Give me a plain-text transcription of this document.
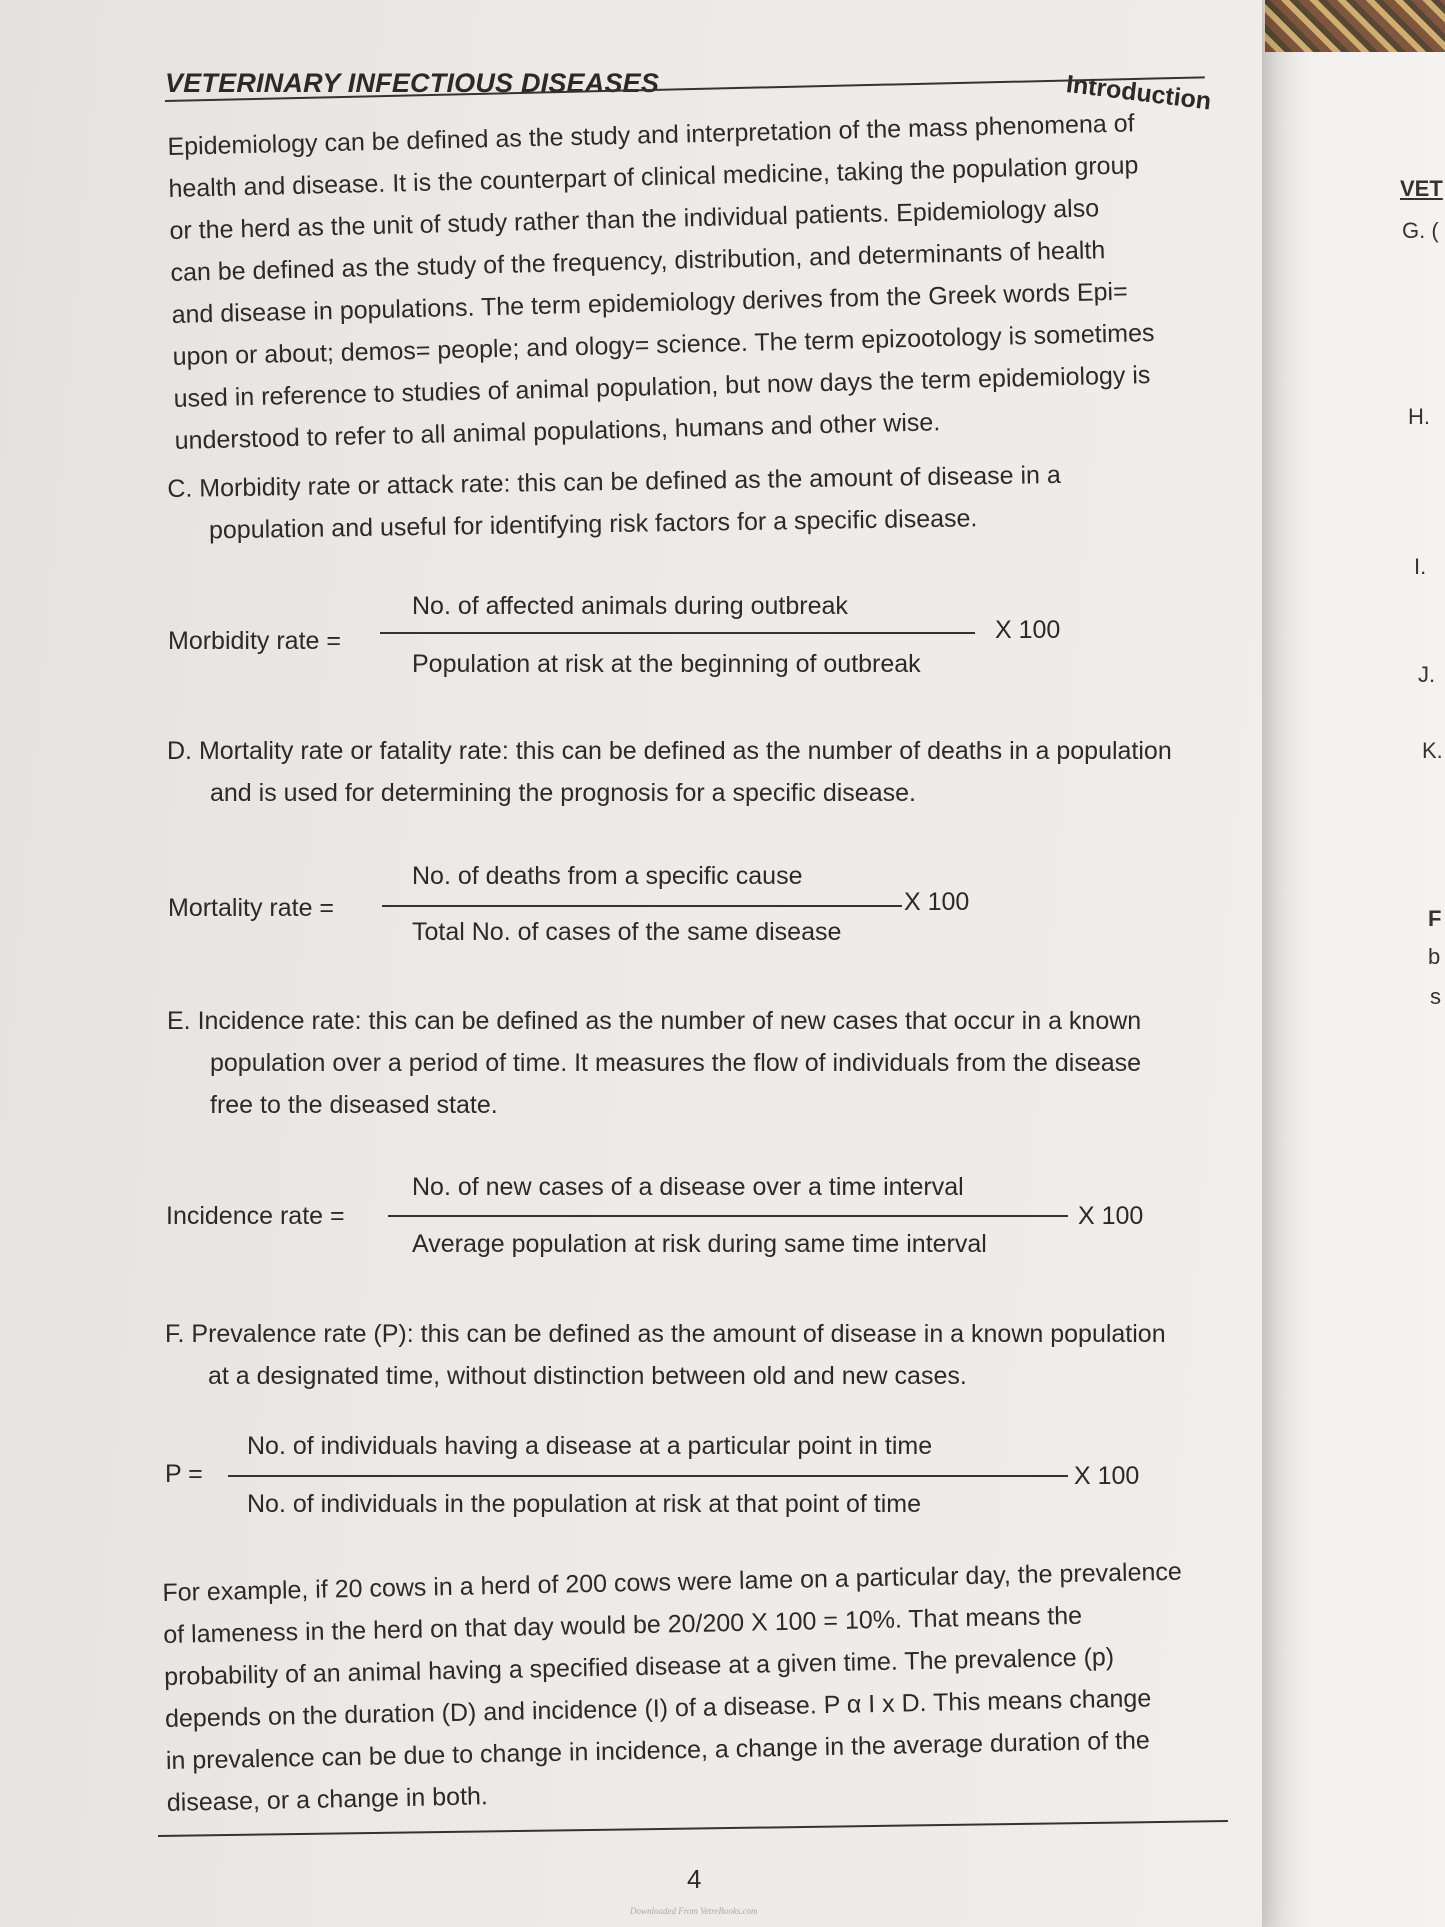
VET
G. (
H.
I.
J.
K.
F
b
s
VETERINARY INFECTIOUS DISEASES	Introduction
Epidemiology can be defined as the study and interpretation of the mass phenomena of
health and disease. It is the counterpart of clinical medicine, taking the population group
or the herd as the unit of study rather than the individual patients. Epidemiology also
can be defined as the study of the frequency, distribution, and determinants of health
and disease in populations. The term epidemiology derives from the Greek words Epi=
upon or about; demos= people; and ology= science. The term epizootology is sometimes
used in reference to studies of animal population, but now days the term epidemiology is
understood to refer to all animal populations, humans and other wise.
C. Morbidity rate or attack rate: this can be defined as the amount of disease in a
population and useful for identifying risk factors for a specific disease.
Morbidity rate =
No. of affected animals during outbreak
Population at risk at the beginning of outbreak
X 100
D. Mortality rate or fatality rate: this can be defined as the number of deaths in a population
and is used for determining the prognosis for a specific disease.
Mortality rate =
No. of deaths from a specific cause
Total No. of cases of the same disease
X 100
E. Incidence rate: this can be defined as the number of new cases that occur in a known
population over a period of time. It measures the flow of individuals from the disease
free to the diseased state.
Incidence rate =
No. of new cases of a disease over a time interval
Average population at risk during same time interval
X 100
F. Prevalence rate (P): this can be defined as the amount of disease in a known population
at a designated time, without distinction between old and new cases.
P =
No. of individuals having a disease at a particular point in time
No. of individuals in the population at risk at that point of time
X 100
For example, if 20 cows in a herd of 200 cows were lame on a particular day, the prevalence
of lameness in the herd on that day would be 20/200 X 100 = 10%. That means the
probability of an animal having a specified disease at a given time. The prevalence (p)
depends on the duration (D) and incidence (I) of a disease. P α I x D. This means change
in prevalence can be due to change in incidence, a change in the average duration of the
disease, or a change in both.
4
Downloaded From VetreBooks.com
